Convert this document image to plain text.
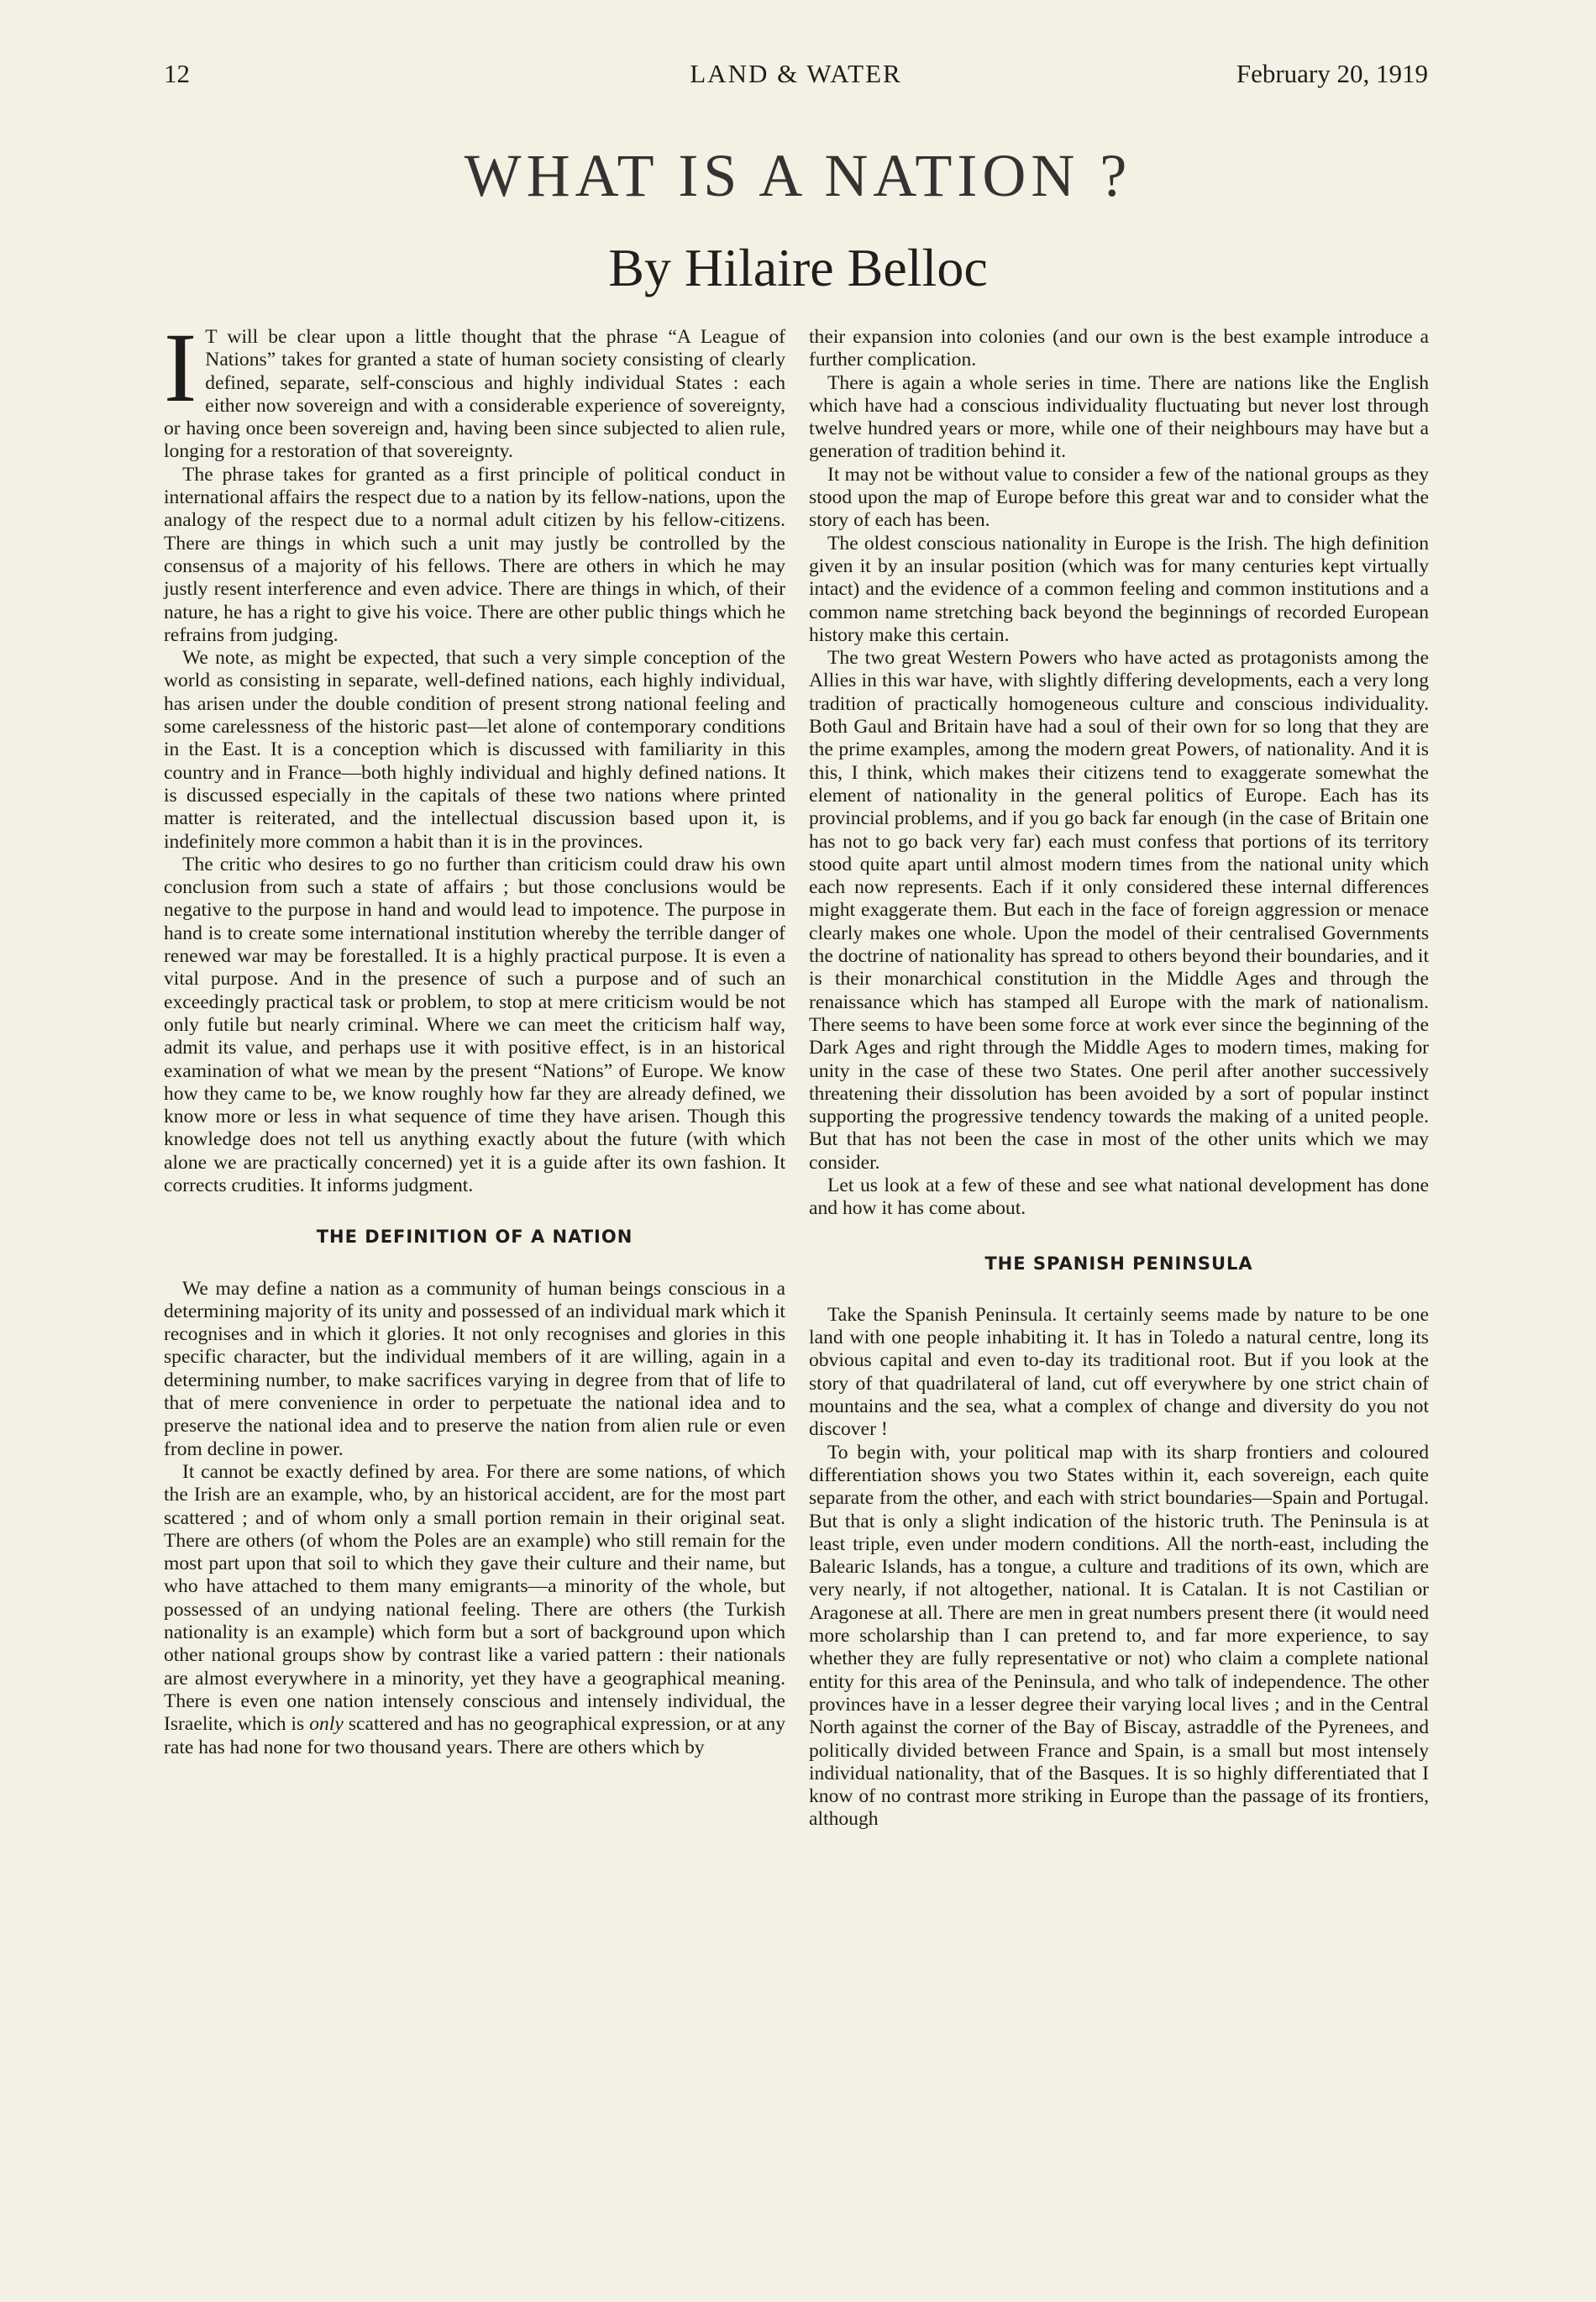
12	LAND & WATER	February 20, 1919
WHAT IS A NATION ?
By Hilaire Belloc

I T will be clear upon a little thought that the phrase “A League of Nations” takes for granted a state of human society consisting of clearly defined, separate, self-conscious and highly individual States : each either now sovereign and with a considerable experience of sovereignty, or having once been sovereign and, having been since subjected to alien rule, longing for a restoration of that sovereignty.

The phrase takes for granted as a first principle of political conduct in international affairs the respect due to a nation by its fellow-nations, upon the analogy of the respect due to a normal adult citizen by his fellow-citizens. There are things in which such a unit may justly be controlled by the consensus of a majority of his fellows. There are others in which he may justly resent interference and even advice. There are things in which, of their nature, he has a right to give his voice. There are other public things which he refrains from judging.

We note, as might be expected, that such a very simple conception of the world as consisting in separate, well-defined nations, each highly individual, has arisen under the double condition of present strong national feeling and some carelessness of the historic past—let alone of contemporary conditions in the East. It is a conception which is discussed with familiarity in this country and in France—both highly individual and highly defined nations. It is discussed especially in the capitals of these two nations where printed matter is reiterated, and the intellectual discussion based upon it, is indefinitely more common a habit than it is in the provinces.

The critic who desires to go no further than criticism could draw his own conclusion from such a state of affairs ; but those conclusions would be negative to the purpose in hand and would lead to impotence. The purpose in hand is to create some international institution whereby the terrible danger of renewed war may be forestalled. It is a highly practical purpose. It is even a vital purpose. And in the presence of such a purpose and of such an exceedingly practical task or problem, to stop at mere criticism would be not only futile but nearly criminal. Where we can meet the criticism half way, admit its value, and perhaps use it with positive effect, is in an historical examination of what we mean by the present “Nations” of Europe. We know how they came to be, we know roughly how far they are already defined, we know more or less in what sequence of time they have arisen. Though this knowledge does not tell us anything exactly about the future (with which alone we are practically concerned) yet it is a guide after its own fashion. It corrects crudities. It informs judgment.

THE DEFINITION OF A NATION

We may define a nation as a community of human beings conscious in a determining majority of its unity and possessed of an individual mark which it recognises and in which it glories. It not only recognises and glories in this specific character, but the individual members of it are willing, again in a determining number, to make sacrifices varying in degree from that of life to that of mere convenience in order to perpetuate the national idea and to preserve the national idea and to preserve the nation from alien rule or even from decline in power.

It cannot be exactly defined by area. For there are some nations, of which the Irish are an example, who, by an historical accident, are for the most part scattered ; and of whom only a small portion remain in their original seat. There are others (of whom the Poles are an example) who still remain for the most part upon that soil to which they gave their culture and their name, but who have attached to them many emigrants—a minority of the whole, but possessed of an undying national feeling. There are others (the Turkish nationality is an example) which form but a sort of background upon which other national groups show by contrast like a varied pattern : their nationals are almost everywhere in a minority, yet they have a geographical meaning. There is even one nation intensely conscious and intensely individual, the Israelite, which is only scattered and has no geographical expression, or at any rate has had none for two thousand years. There are others which by

their expansion into colonies (and our own is the best example introduce a further complication.

There is again a whole series in time. There are nations like the English which have had a conscious individuality fluctuating but never lost through twelve hundred years or more, while one of their neighbours may have but a generation of tradition behind it.

It may not be without value to consider a few of the national groups as they stood upon the map of Europe before this great war and to consider what the story of each has been.

The oldest conscious nationality in Europe is the Irish. The high definition given it by an insular position (which was for many centuries kept virtually intact) and the evidence of a common feeling and common institutions and a common name stretching back beyond the beginnings of recorded European history make this certain.

The two great Western Powers who have acted as protagonists among the Allies in this war have, with slightly differing developments, each a very long tradition of practically homogeneous culture and conscious individuality. Both Gaul and Britain have had a soul of their own for so long that they are the prime examples, among the modern great Powers, of nationality. And it is this, I think, which makes their citizens tend to exaggerate somewhat the element of nationality in the general politics of Europe. Each has its provincial problems, and if you go back far enough (in the case of Britain one has not to go back very far) each must confess that portions of its territory stood quite apart until almost modern times from the national unity which each now represents. Each if it only considered these internal differences might exaggerate them. But each in the face of foreign aggression or menace clearly makes one whole. Upon the model of their centralised Governments the doctrine of nationality has spread to others beyond their boundaries, and it is their monarchical constitution in the Middle Ages and through the renaissance which has stamped all Europe with the mark of nationalism. There seems to have been some force at work ever since the beginning of the Dark Ages and right through the Middle Ages to modern times, making for unity in the case of these two States. One peril after another successively threatening their dissolution has been avoided by a sort of popular instinct supporting the progressive tendency towards the making of a united people. But that has not been the case in most of the other units which we may consider.

Let us look at a few of these and see what national development has done and how it has come about.

THE SPANISH PENINSULA

Take the Spanish Peninsula. It certainly seems made by nature to be one land with one people inhabiting it. It has in Toledo a natural centre, long its obvious capital and even to-day its traditional root. But if you look at the story of that quadrilateral of land, cut off everywhere by one strict chain of mountains and the sea, what a complex of change and diversity do you not discover !

To begin with, your political map with its sharp frontiers and coloured differentiation shows you two States within it, each sovereign, each quite separate from the other, and each with strict boundaries—Spain and Portugal. But that is only a slight indication of the historic truth. The Peninsula is at least triple, even under modern conditions. All the north-east, including the Balearic Islands, has a tongue, a culture and traditions of its own, which are very nearly, if not altogether, national. It is Catalan. It is not Castilian or Aragonese at all. There are men in great numbers present there (it would need more scholarship than I can pretend to, and far more experience, to say whether they are fully representative or not) who claim a complete national entity for this area of the Peninsula, and who talk of independence. The other provinces have in a lesser degree their varying local lives ; and in the Central North against the corner of the Bay of Biscay, astraddle of the Pyrenees, and politically divided between France and Spain, is a small but most intensely individual nationality, that of the Basques. It is so highly differentiated that I know of no contrast more striking in Europe than the passage of its frontiers, although
